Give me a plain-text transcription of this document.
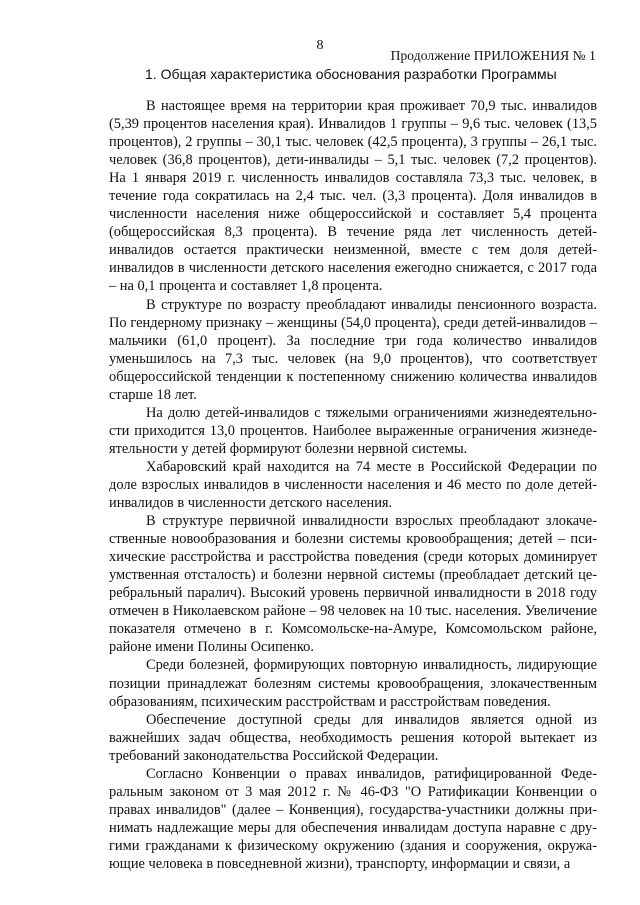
8
Продолжение ПРИЛОЖЕНИЯ № 1
1. Общая характеристика обоснования разработки Программы

В настоящее время на территории края проживает 70,9 тыс. инвалидов (5,39 процентов населения края). Инвалидов 1 группы – 9,6 тыс. человек (13,5 процентов), 2 группы – 30,1 тыс. человек (42,5 процента), 3 группы – 26,1 тыс. человек (36,8 процентов), дети-инвалиды – 5,1 тыс. человек (7,2 процентов). На 1 января 2019 г. численность инвалидов составляла 73,3 тыс. человек, в течение года сократилась на 2,4 тыс. чел. (3,3 процента). Доля инвалидов в численности населения ниже общероссийской и составляет 5,4 процента (общероссийская 8,3 процента). В течение ряда лет численность детей-инвалидов остается практически неизменной, вместе с тем доля детей-инвалидов в численности детского населения ежегодно снижается, с 2017 года – на 0,1 процента и составляет 1,8 процента.

В структуре по возрасту преобладают инвалиды пенсионного возраста. По гендерному признаку – женщины (54,0 процента), среди детей-инвалидов – мальчики (61,0 процент). За последние три года количество инвалидов уменьшилось на 7,3 тыс. человек (на 9,0 процентов), что соответствует общероссийской тенденции к постепенному снижению количества инвалидов старше 18 лет.

На долю детей-инвалидов с тяжелыми ограничениями жизнедеятельности приходится 13,0 процентов. Наиболее выраженные ограничения жизнедеятельности у детей формируют болезни нервной системы.

Хабаровский край находится на 74 месте в Российской Федерации по доле взрослых инвалидов в численности населения и 46 место по доле детей-инвалидов в численности детского населения.

В структуре первичной инвалидности взрослых преобладают злокачественные новообразования и болезни системы кровообращения; детей – психические расстройства и расстройства поведения (среди которых доминирует умственная отсталость) и болезни нервной системы (преобладает детский церебральный паралич). Высокий уровень первичной инвалидности в 2018 году отмечен в Николаевском районе – 98 человек на 10 тыс. населения. Увеличение показателя отмечено в г. Комсомольске-на-Амуре, Комсомольском районе, районе имени Полины Осипенко.

Среди болезней, формирующих повторную инвалидность, лидирующие позиции принадлежат болезням системы кровообращения, злокачественным образованиям, психическим расстройствам и расстройствам поведения.

Обеспечение доступной среды для инвалидов является одной из важнейших задач общества, необходимость решения которой вытекает из требований законодательства Российской Федерации.

Согласно Конвенции о правах инвалидов, ратифицированной Федеральным законом от 3 мая 2012 г. № 46-ФЗ "О Ратификации Конвенции о правах инвалидов" (далее – Конвенция), государства-участники должны принимать надлежащие меры для обеспечения инвалидам доступа наравне с другими гражданами к физическому окружению (здания и сооружения, окружающие человека в повседневной жизни), транспорту, информации и связи, а
